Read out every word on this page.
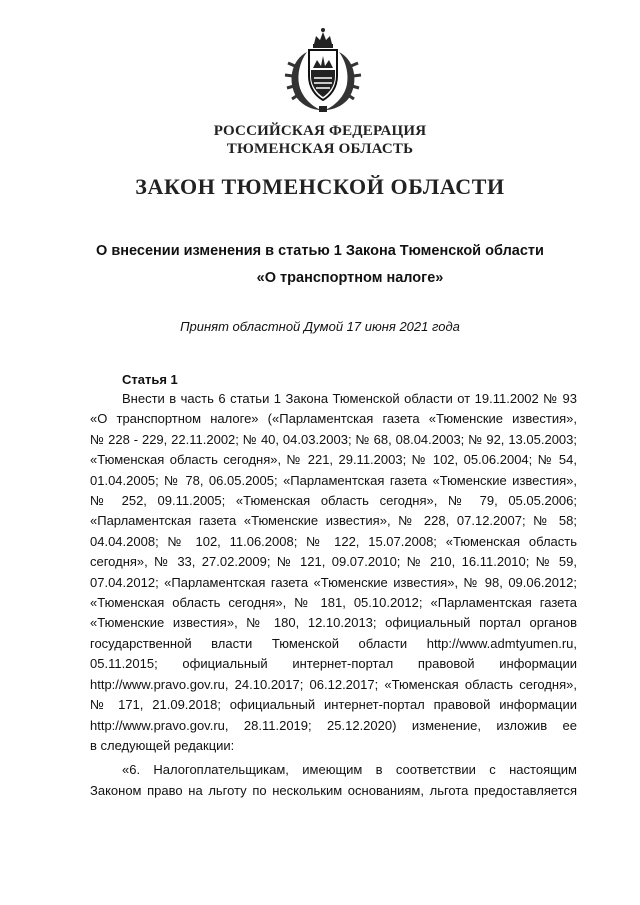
РОССИЙСКАЯ ФЕДЕРАЦИЯ
ТЮМЕНСКАЯ ОБЛАСТЬ
ЗАКОН ТЮМЕНСКОЙ ОБЛАСТИ
О внесении изменения в статью 1 Закона Тюменской области
«О транспортном налоге»
Принят областной Думой 17 июня 2021 года
Статья 1
Внести в часть 6 статьи 1 Закона Тюменской области от 19.11.2002 № 93
«О транспортном налоге» («Парламентская газета «Тюменские известия»,
№ 228 - 229, 22.11.2002; № 40, 04.03.2003; № 68, 08.04.2003; № 92, 13.05.2003;
«Тюменская область сегодня», № 221, 29.11.2003; № 102, 05.06.2004; № 54,
01.04.2005; № 78, 06.05.2005; «Парламентская газета «Тюменские известия»,
№ 252, 09.11.2005; «Тюменская область сегодня», № 79, 05.05.2006;
«Парламентская газета «Тюменские известия», № 228, 07.12.2007; № 58;
04.04.2008; № 102, 11.06.2008; № 122, 15.07.2008; «Тюменская область
сегодня», № 33, 27.02.2009; № 121, 09.07.2010; № 210, 16.11.2010; № 59,
07.04.2012; «Парламентская газета «Тюменские известия», № 98, 09.06.2012;
«Тюменская область сегодня», № 181, 05.10.2012; «Парламентская газета
«Тюменские известия», № 180, 12.10.2013; официальный портал органов
государственной власти Тюменской области http://www.admtyumen.ru,
05.11.2015; официальный интернет-портал правовой информации
http://www.pravo.gov.ru, 24.10.2017; 06.12.2017; «Тюменская область сегодня»,
№ 171, 21.09.2018; официальный интернет-портал правовой информации
http://www.pravo.gov.ru, 28.11.2019; 25.12.2020) изменение, изложив ее
в следующей редакции:
«6. Налогоплательщикам, имеющим в соответствии с настоящим
Законом право на льготу по нескольким основаниям, льгота предоставляется
